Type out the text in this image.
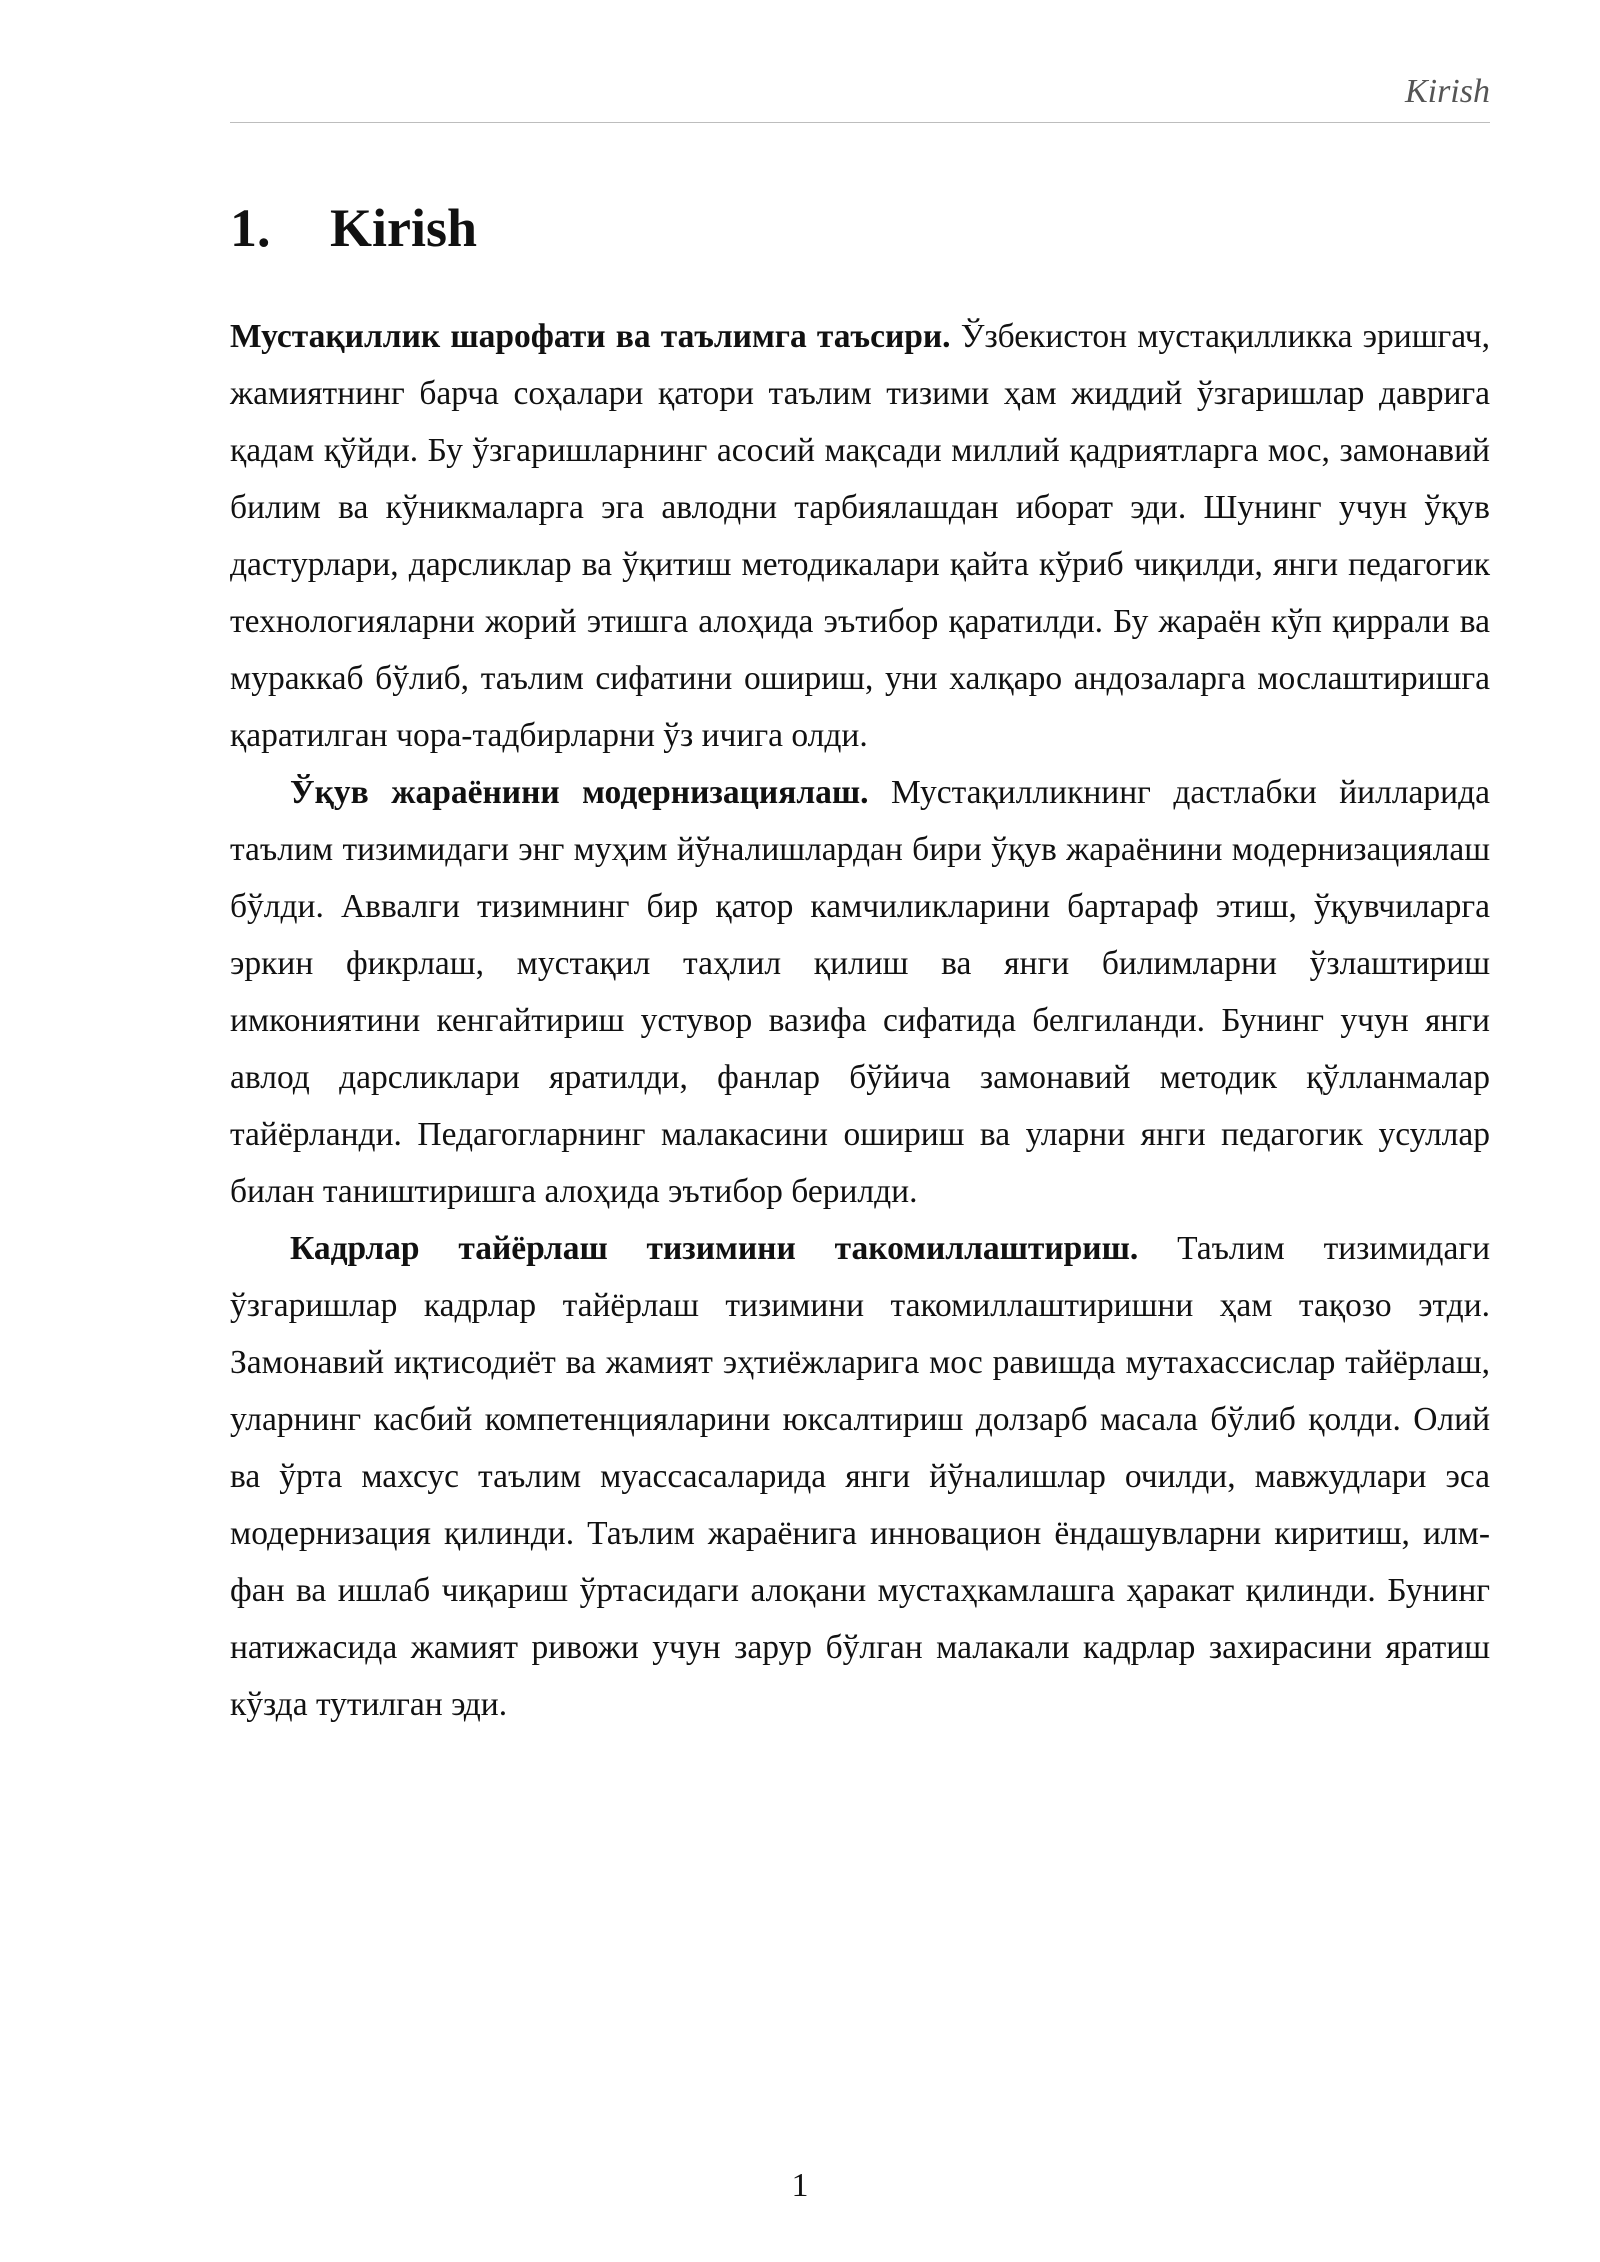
Kirish
1.	Kirish

Мустақиллик шарофати ва таълимга таъсири. Ўзбекистон мустақилликка эришгач, жамиятнинг барча соҳалари қатори таълим тизими ҳам жиддий ўзгаришлар даврига қадам қўйди. Бу ўзгаришларнинг асосий мақсади миллий қадриятларга мос, замонавий билим ва кўникмаларга эга авлодни тарбиялашдан иборат эди. Шунинг учун ўқув дастурлари, дарсликлар ва ўқитиш методикалари қайта кўриб чиқилди, янги педагогик технологияларни жорий этишга алоҳида эътибор қаратилди. Бу жараён кўп қиррали ва мураккаб бўлиб, таълим сифатини ошириш, уни халқаро андозаларга мослаштиришга қаратилган чора-тадбирларни ўз ичига олди.

Ўқув жараёнини модернизациялаш. Мустақилликнинг дастлабки йилларида таълим тизимидаги энг муҳим йўналишлардан бири ўқув жараёнини модернизациялаш бўлди. Аввалги тизимнинг бир қатор камчиликларини бартараф этиш, ўқувчиларга эркин фикрлаш, мустақил таҳлил қилиш ва янги билимларни ўзлаштириш имкониятини кенгайтириш устувор вазифа сифатида белгиланди. Бунинг учун янги авлод дарсликлари яратилди, фанлар бўйича замонавий методик қўлланмалар тайёрланди. Педагогларнинг малакасини ошириш ва уларни янги педагогик усуллар билан таништиришга алоҳида эътибор берилди.

Кадрлар тайёрлаш тизимини такомиллаштириш. Таълим тизимидаги ўзгаришлар кадрлар тайёрлаш тизимини такомиллаштиришни ҳам тақозо этди. Замонавий иқтисодиёт ва жамият эҳтиёжларига мос равишда мутахассислар тайёрлаш, уларнинг касбий компетенцияларини юксалтириш долзарб масала бўлиб қолди. Олий ва ўрта махсус таълим муассасаларида янги йўналишлар очилди, мавжудлари эса модернизация қилинди. Таълим жараёнига инновацион ёндашувларни киритиш, илм-фан ва ишлаб чиқариш ўртасидаги алоқани мустаҳкамлашга ҳаракат қилинди. Бунинг натижасида жамият ривожи учун зарур бўлган малакали кадрлар захирасини яратиш кўзда тутилган эди.

1
